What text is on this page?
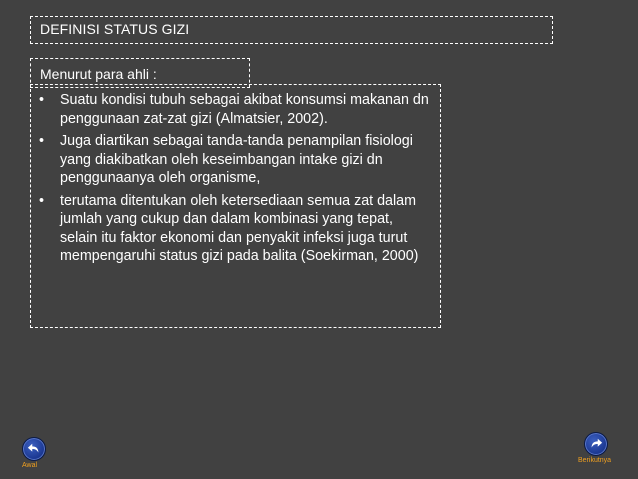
DEFINISI STATUS GIZI
Menurut para ahli :
• Suatu kondisi tubuh sebagai akibat konsumsi makanan dn penggunaan zat-zat gizi (Almatsier, 2002).
• Juga diartikan sebagai tanda-tanda penampilan fisiologi yang diakibatkan oleh keseimbangan intake gizi dn penggunaanya oleh organisme,
• terutama ditentukan oleh ketersediaan semua zat dalam jumlah yang cukup dan dalam kombinasi yang tepat, selain itu faktor ekonomi dan penyakit infeksi juga turut mempengaruhi status gizi pada balita (Soekirman, 2000)
Awal
Berikutnya
